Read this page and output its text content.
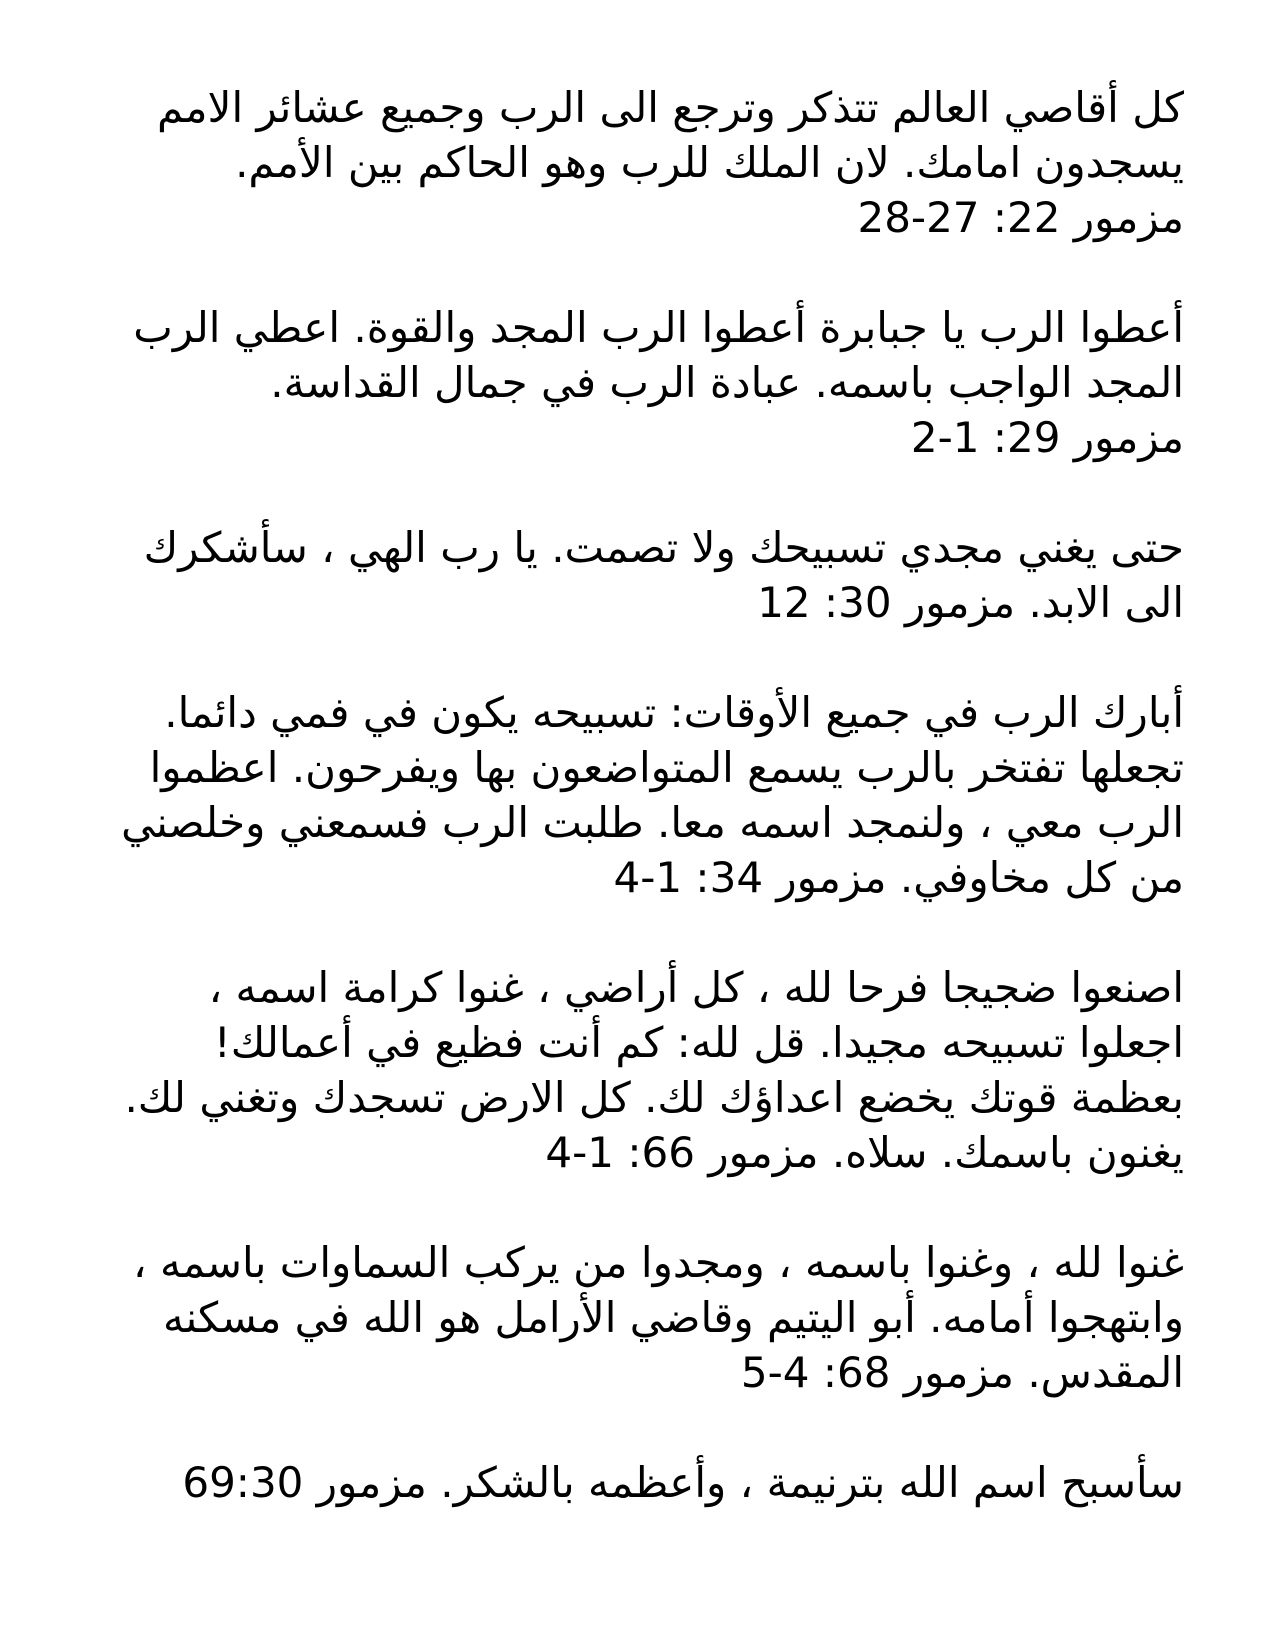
كل أقاصي العالم تتذكر وترجع الى الرب وجميع عشائر الامم
يسجدون امامك. لان الملك للرب وهو الحاكم بين الأمم.
مزمور 22: 27-28
أعطوا الرب يا جبابرة أعطوا الرب المجد والقوة. اعطي الرب
المجد الواجب باسمه. عبادة الرب في جمال القداسة.
مزمور 29: 1-2
حتى يغني مجدي تسبيحك ولا تصمت. يا رب الهي ، سأشكرك
الى الابد. مزمور 30: 12
أبارك الرب في جميع الأوقات: تسبيحه يكون في فمي دائما.
تجعلها تفتخر بالرب يسمع المتواضعون بها ويفرحون. اعظموا
الرب معي ، ولنمجد اسمه معا. طلبت الرب فسمعني وخلصني
من كل مخاوفي. مزمور 34: 1-4
اصنعوا ضجيجا فرحا لله ، كل أراضي ، غنوا كرامة اسمه ،
اجعلوا تسبيحه مجيدا. قل لله: كم أنت فظيع في أعمالك!
بعظمة قوتك يخضع اعداؤك لك. كل الارض تسجدك وتغني لك.
يغنون باسمك. سلاه. مزمور 66: 1-4
غنوا لله ، وغنوا باسمه ، ومجدوا من يركب السماوات باسمه ،
وابتهجوا أمامه. أبو اليتيم وقاضي الأرامل هو الله في مسكنه
المقدس. مزمور 68: 4-5
سأسبح اسم الله بترنيمة ، وأعظمه بالشكر. مزمور 69:30
